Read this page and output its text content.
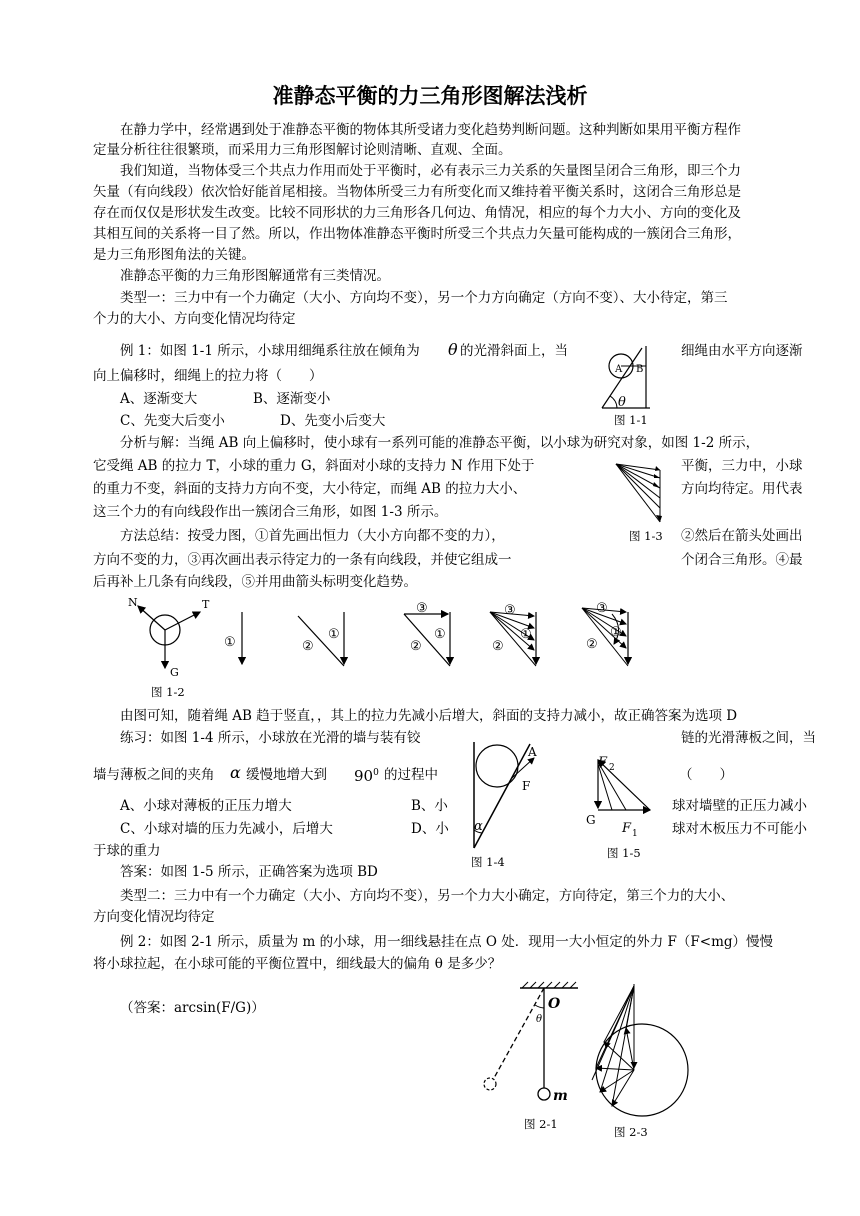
准静态平衡的力三角形图解法浅析
在静力学中，经常遇到处于准静态平衡的物体其所受诸力变化趋势判断问题。这种判断如果用平衡方程作
定量分析往往很繁琐，而采用力三角形图解讨论则清晰、直观、全面。
我们知道，当物体受三个共点力作用而处于平衡时，必有表示三力关系的矢量图呈闭合三角形，即三个力
矢量（有向线段）依次恰好能首尾相接。当物体所受三力有所变化而又维持着平衡关系时，这闭合三角形总是
存在而仅仅是形状发生改变。比较不同形状的力三角形各几何边、角情况，相应的每个力大小、方向的变化及
其相互间的关系将一目了然。所以，作出物体准静态平衡时所受三个共点力矢量可能构成的一簇闭合三角形，
是力三角形图角法的关键。
准静态平衡的力三角形图解通常有三类情况。
类型一：三力中有一个力确定（大小、方向均不变），另一个力方向确定（方向不变）、大小待定，第三
个力的大小、方向变化情况均待定
例 1：如图 1-1 所示，小球用细绳系往放在倾角为 θ 的光滑斜面上，当	细绳由水平方向逐渐
向上偏移时，细绳上的拉力将（　　）
A、逐渐变大	B、逐渐变小
C、先变大后变小	D、先变小后变大
A B
θ
图 1-1
分析与解：当绳 AB 向上偏移时，使小球有一系列可能的准静态平衡，以小球为研究对象，如图 1-2 所示，
它受绳 AB 的拉力 T，小球的重力 G，斜面对小球的支持力 N 作用下处于	平衡，三力中，小球
的重力不变，斜面的支持力方向不变，大小待定，而绳 AB 的拉力大小、	方向均待定。用代表
这三个力的有向线段作出一簇闭合三角形，如图 1-3 所示。
图 1-3
方法总结：按受力图，①首先画出恒力（大小方向都不变的力），	②然后在箭头处画出
方向不变的力，③再次画出表示待定力的一条有向线段，并使它组成一	个闭合三角形。④最
后再补上几条有向线段，⑤并用曲箭头标明变化趋势。
N	T
G
①
①
②
③
①
②
③
①
②
③
①
②
图 1-2
由图可知，随着绳 AB 趋于竖直，，其上的拉力先减小后增大，斜面的支持力减小，故正确答案为选项 D
练习：如图 1-4 所示，小球放在光滑的墙与装有铰	链的光滑薄板之间，当
墙与薄板之间的夹角 α 缓慢地增大到 $90^0$ 的过程中	（　　）
A、小球对薄板的正压力增大	B、小	球对墙壁的正压力减小
C、小球对墙的压力先减小，后增大	D、小	球对木板压力不可能小
于球的重力
A
F
α
图 1-4
F 2
G
F 1
图 1-5
答案：如图 1-5 所示，正确答案为选项 BD
类型二：三力中有一个力确定（大小、方向均不变），另一个力大小确定，方向待定，第三个力的大小、
方向变化情况均待定
例 2：如图 2-1 所示，质量为 m 的小球，用一细线悬挂在点 O 处．现用一大小恒定的外力 F（F<mg）慢慢
将小球拉起，在小球可能的平衡位置中，细线最大的偏角 θ 是多少？
（答案：arcsin(F/G)）	O
θ
m
图 2-1
图 2-3
